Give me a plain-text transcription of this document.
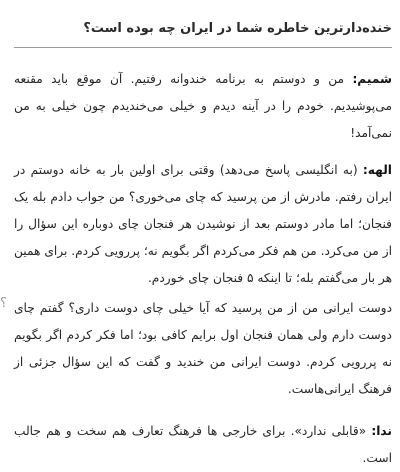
خنده‌دارترین خاطره شما در ایران چه بوده است؟

شمیم: من و دوستم به برنامه خندوانه رفتیم. آن موقع باید مقنعه می‌پوشیدیم. خودم را در آینه دیدم و خیلی می‌خندیدم چون خیلی به من نمی‌آمد!

الهه: (به انگلیسی پاسخ می‌دهد) وقتی برای اولین بار به خانه دوستم در ایران رفتم. مادرش از من پرسید که چای می‌خوری؟ من جواب دادم بله یک فنجان؛ اما مادر دوستم بعد از نوشیدن هر فنجان چای دوباره این سؤال را از من می‌کرد. من هم فکر می‌کردم اگر بگویم نه؛ پررویی کردم. برای همین هر بار می‌گفتم بله؛ تا اینکه ۵ فنجان چای خوردم.

دوست ایرانی من از من پرسید که آیا خیلی چای دوست داری؟ گفتم چای دوست دارم ولی همان فنجان اول برایم کافی بود؛ اما فکر کردم اگر بگویم نه پررویی کردم. دوست ایرانی من خندید و گفت که این سؤال جزئی از فرهنگ ایرانی‌هاست.

ندا: «قابلی ندارد». برای خارجی ها فرهنگ تعارف هم سخت و هم جالب است.

؟
